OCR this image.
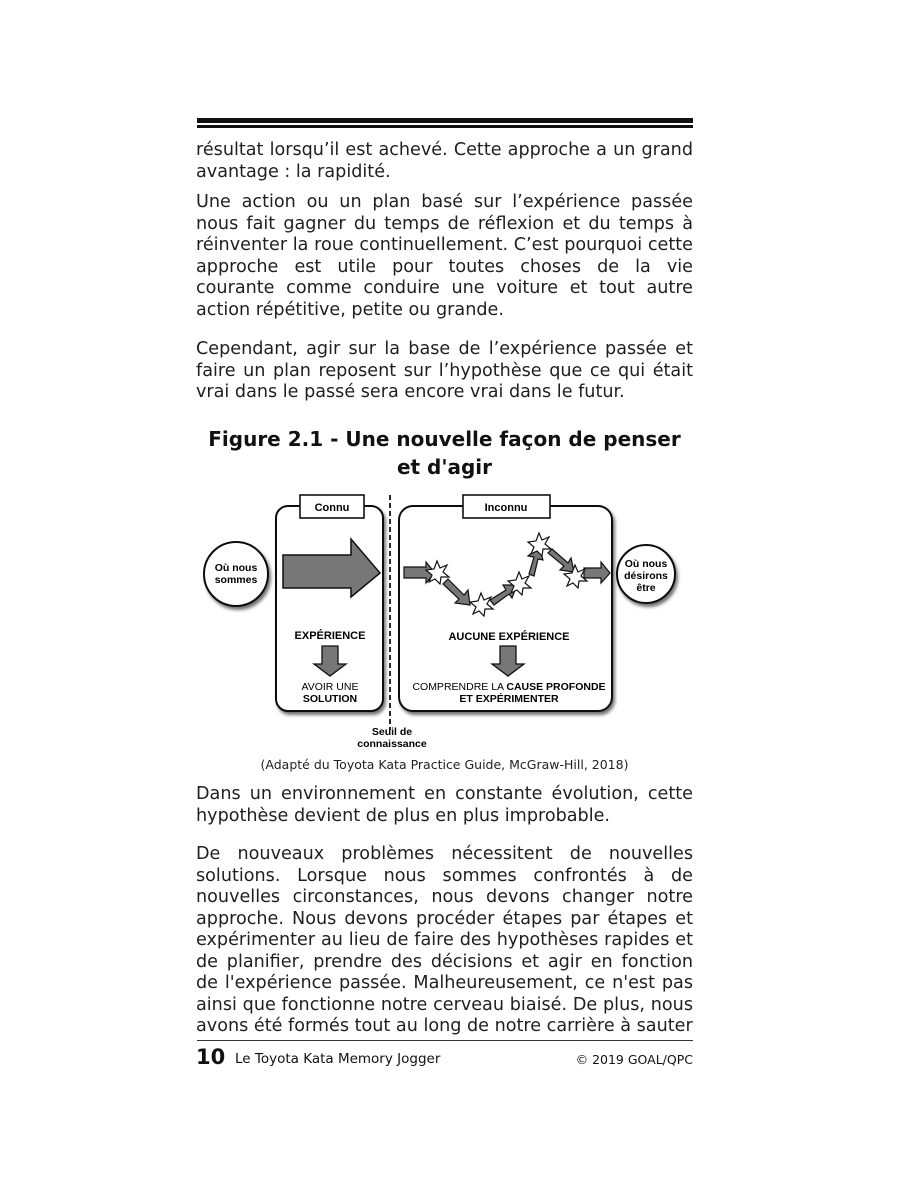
résultat lorsqu’il est achevé. Cette approche a un grand avantage : la rapidité.

Une action ou un plan basé sur l’expérience passée nous fait gagner du temps de réflexion et du temps à réinventer la roue continuellement. C’est pourquoi cette approche est utile pour toutes choses de la vie courante comme conduire une voiture et tout autre action répétitive, petite ou grande.

Cependant, agir sur la base de l’expérience passée et faire un plan reposent sur l’hypothèse que ce qui était vrai dans le passé sera encore vrai dans le futur.

Figure 2.1 - Une nouvelle façon de penser et d'agir
Où nous
sommes
Connu
EXPÉRIENCE
AVOIR UNE
SOLUTION
Seuil de
connaissance
Inconnu
AUCUNE EXPÉRIENCE
COMPRENDRE LA CAUSE PROFONDE
ET EXPÉRIMENTER
Où nous
désirons
être
(Adapté du Toyota Kata Practice Guide, McGraw-Hill, 2018)

Dans un environnement en constante évolution, cette hypothèse devient de plus en plus improbable.

De nouveaux problèmes nécessitent de nouvelles solutions. Lorsque nous sommes confrontés à de nouvelles circonstances, nous devons changer notre approche. Nous devons procéder étapes par étapes et expérimenter au lieu de faire des hypothèses rapides et de planifier, prendre des décisions et agir en fonction de l'expérience passée. Malheureusement, ce n'est pas ainsi que fonctionne notre cerveau biaisé. De plus, nous avons été formés tout au long de notre carrière à sauter

10 Le Toyota Kata Memory Jogger	© 2019 GOAL/QPC
